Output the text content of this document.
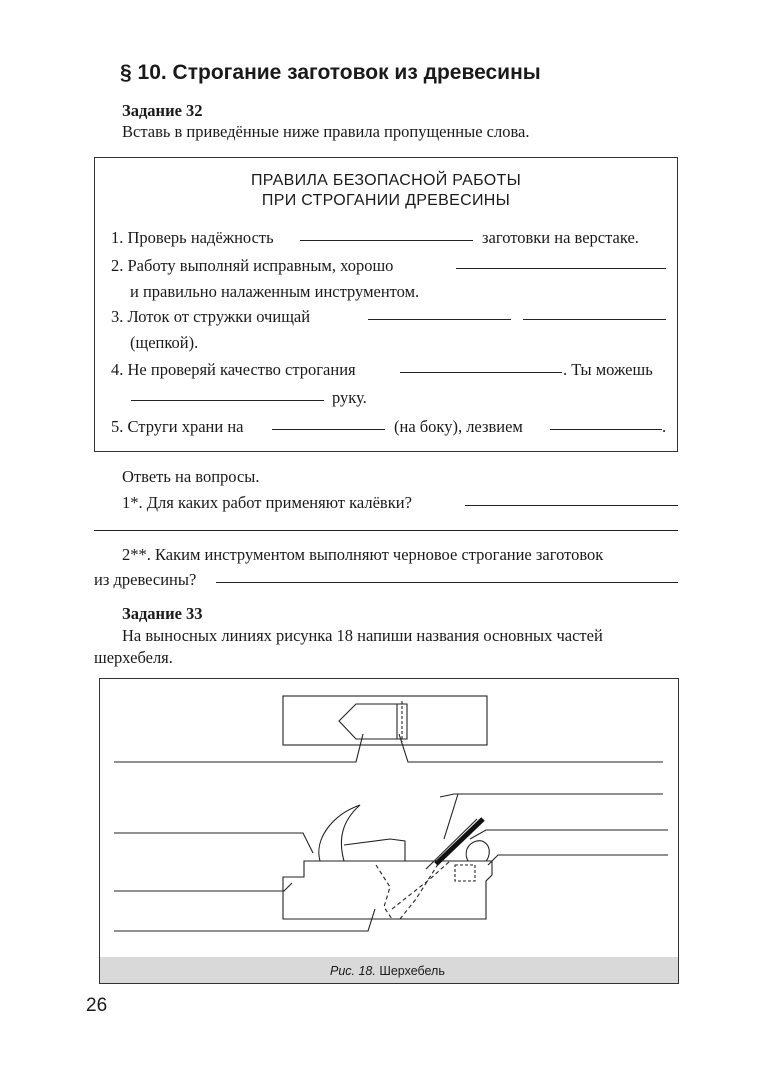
§ 10. Строгание заготовок из древесины
Задание 32
Вставь в приведённые ниже правила пропущенные слова.
ПРАВИЛА БЕЗОПАСНОЙ РАБОТЫ
ПРИ СТРОГАНИИ ДРЕВЕСИНЫ
1. Проверь надёжность	заготовки на верстаке.
2. Работу выполняй исправным, хорошо
и правильно налаженным инструментом.
3. Лоток от стружки очищай
(щепкой).
4. Не проверяй качество строгания	. Ты можешь
руку.
5. Струги храни на	(на боку), лезвием	.
Ответь на вопросы.
1*. Для каких работ применяют калёвки?
2**. Каким инструментом выполняют черновое строгание заготовок
из древесины?
Задание 33
На выносных линиях рисунка 18 напиши названия основных частей
шерхебеля.
Рис. 18. Шерхебель
26
